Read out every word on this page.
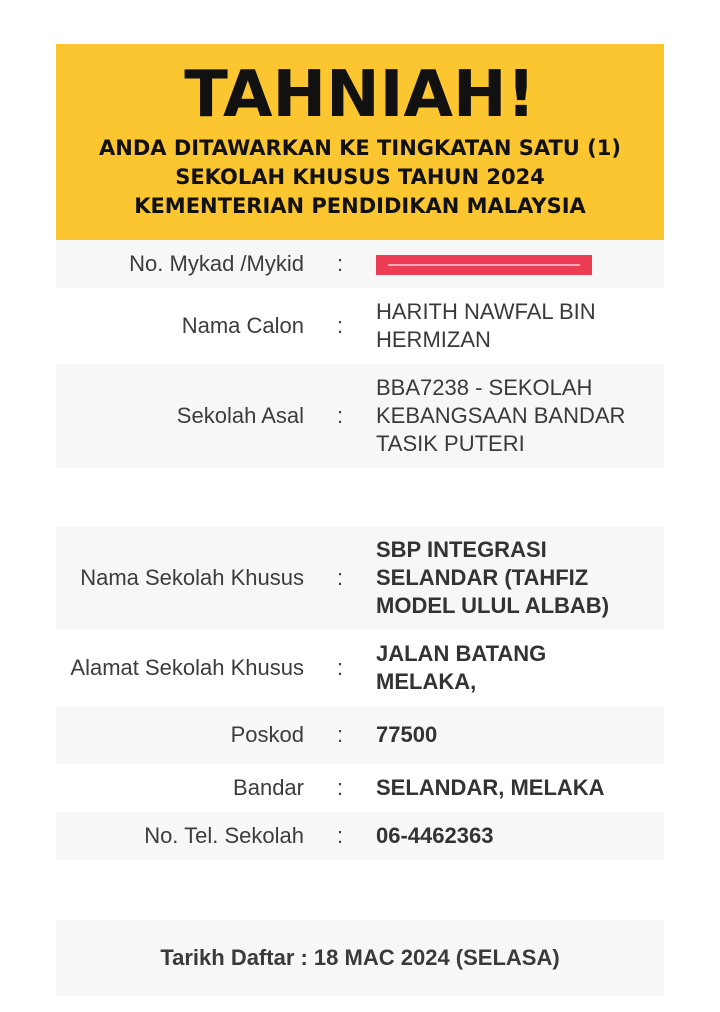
TAHNIAH!
ANDA DITAWARKAN KE TINGKATAN SATU (1)
SEKOLAH KHUSUS TAHUN 2024
KEMENTERIAN PENDIDIKAN MALAYSIA
No. Mykad /Mykid	:
Nama Calon	:
HARITH NAWFAL BIN HERMIZAN
Sekolah Asal	:
BBA7238 - SEKOLAH KEBANGSAAN BANDAR TASIK PUTERI
Nama Sekolah Khusus	:
SBP INTEGRASI SELANDAR (TAHFIZ MODEL ULUL ALBAB)
Alamat Sekolah Khusus	:
JALAN BATANG MELAKA,
Poskod	:	77500
Bandar	:	SELANDAR, MELAKA
No. Tel. Sekolah	:	06-4462363
Tarikh Daftar : 18 MAC 2024 (SELASA)
